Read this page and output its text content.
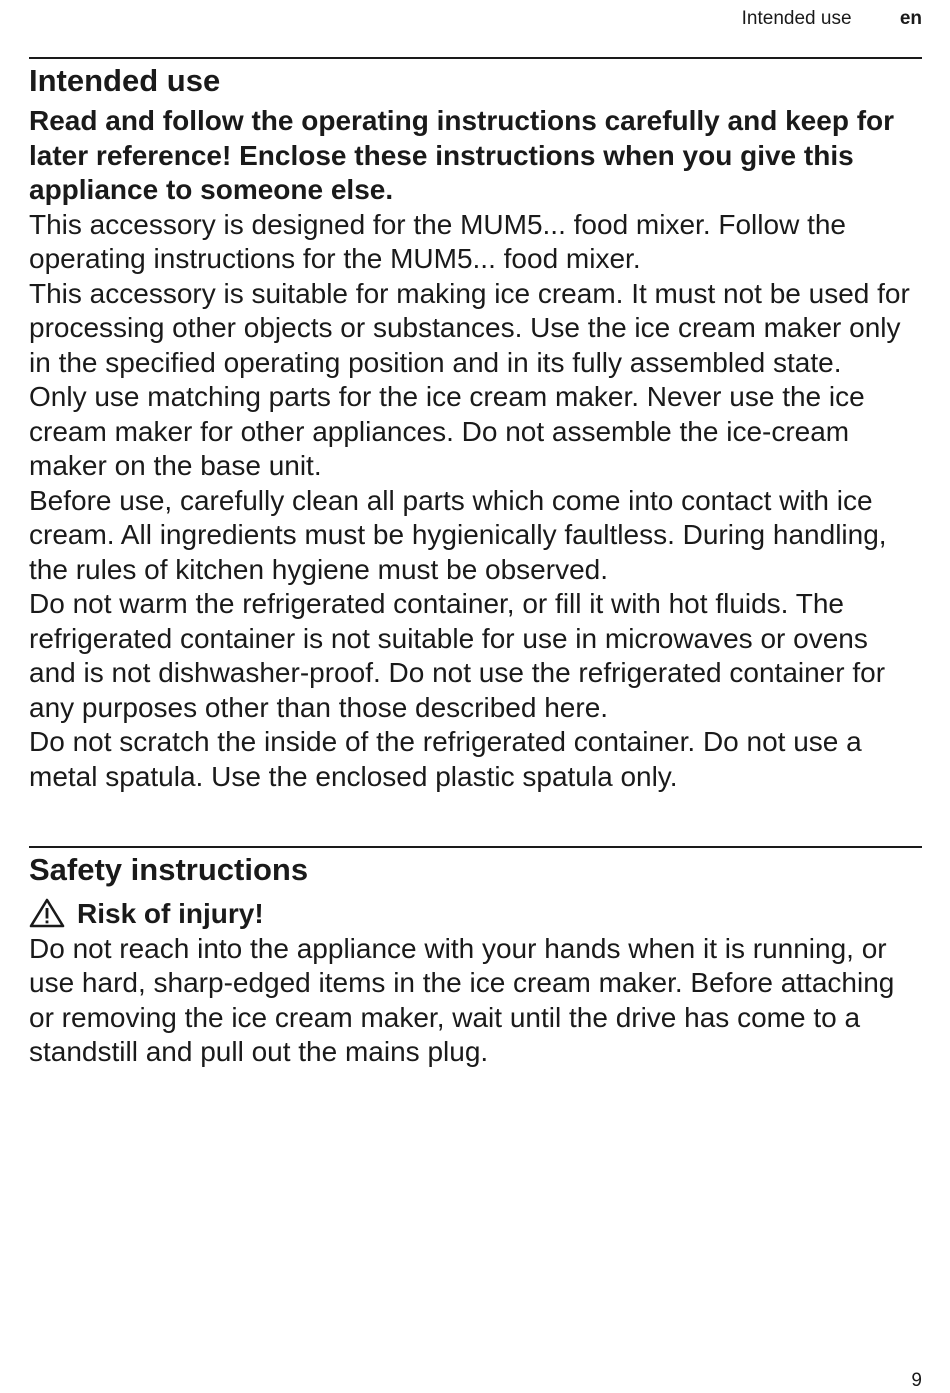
Intended use	en
Intended use

Read and follow the operating instructions carefully and keep for later reference! Enclose these instructions when you give this appliance to someone else.

This accessory is designed for the MUM5... food mixer. Follow the operating instructions for the MUM5... food mixer.

This accessory is suitable for making ice cream. It must not be used for processing other objects or substances. Use the ice cream maker only in the specified operating position and in its fully assembled state.

Only use matching parts for the ice cream maker. Never use the ice cream maker for other appliances. Do not assemble the ice-cream maker on the base unit.

Before use, carefully clean all parts which come into contact with ice cream. All ingredients must be hygienically faultless. During handling, the rules of kitchen hygiene must be observed.

Do not warm the refrigerated container, or fill it with hot fluids. The refrigerated container is not suitable for use in microwaves or ovens and is not dishwasher-proof. Do not use the refrigerated container for any purposes other than those described here.

Do not scratch the inside of the refrigerated container. Do not use a metal spatula. Use the enclosed plastic spatula only.

Safety instructions

Risk of injury!

Do not reach into the appliance with your hands when it is running, or use hard, sharp-edged items in the ice cream maker. Before attaching or removing the ice cream maker, wait until the drive has come to a standstill and pull out the mains plug.

9
